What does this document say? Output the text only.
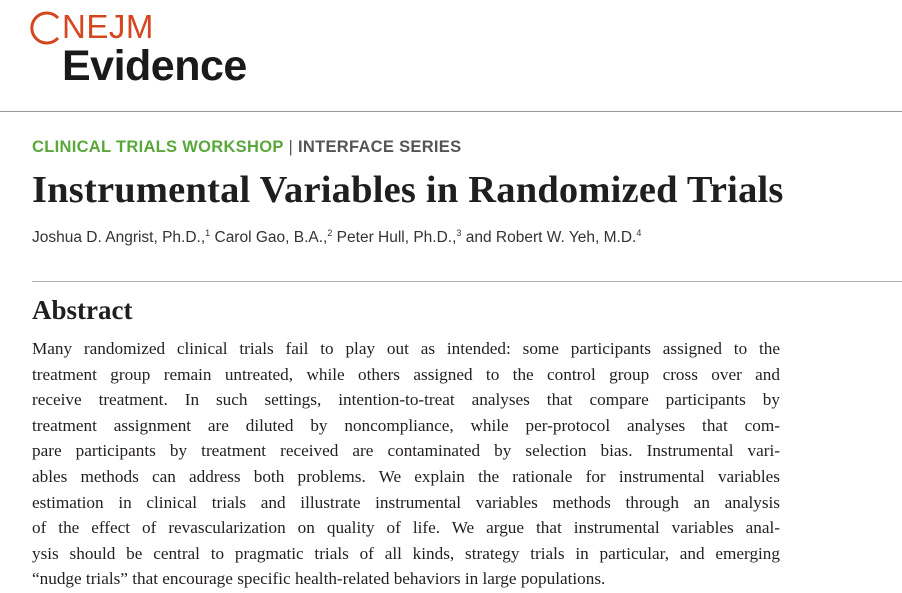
NEJM
Evidence
CLINICAL TRIALS WORKSHOP | INTERFACE SERIES
Instrumental Variables in Randomized Trials
Joshua D. Angrist, Ph.D.,$^1$ Carol Gao, B.A.,$^2$ Peter Hull, Ph.D.,$^3$ and Robert W. Yeh, M.D.$^4$
Abstract
Many randomized clinical trials fail to play out as intended: some participants assigned to the
treatment group remain untreated, while others assigned to the control group cross over and
receive treatment. In such settings, intention-to-treat analyses that compare participants by
treatment assignment are diluted by noncompliance, while per-protocol analyses that com-
pare participants by treatment received are contaminated by selection bias. Instrumental vari-
ables methods can address both problems. We explain the rationale for instrumental variables
estimation in clinical trials and illustrate instrumental variables methods through an analysis
of the effect of revascularization on quality of life. We argue that instrumental variables anal-
ysis should be central to pragmatic trials of all kinds, strategy trials in particular, and emerging
“nudge trials” that encourage specific health-related behaviors in large populations.
